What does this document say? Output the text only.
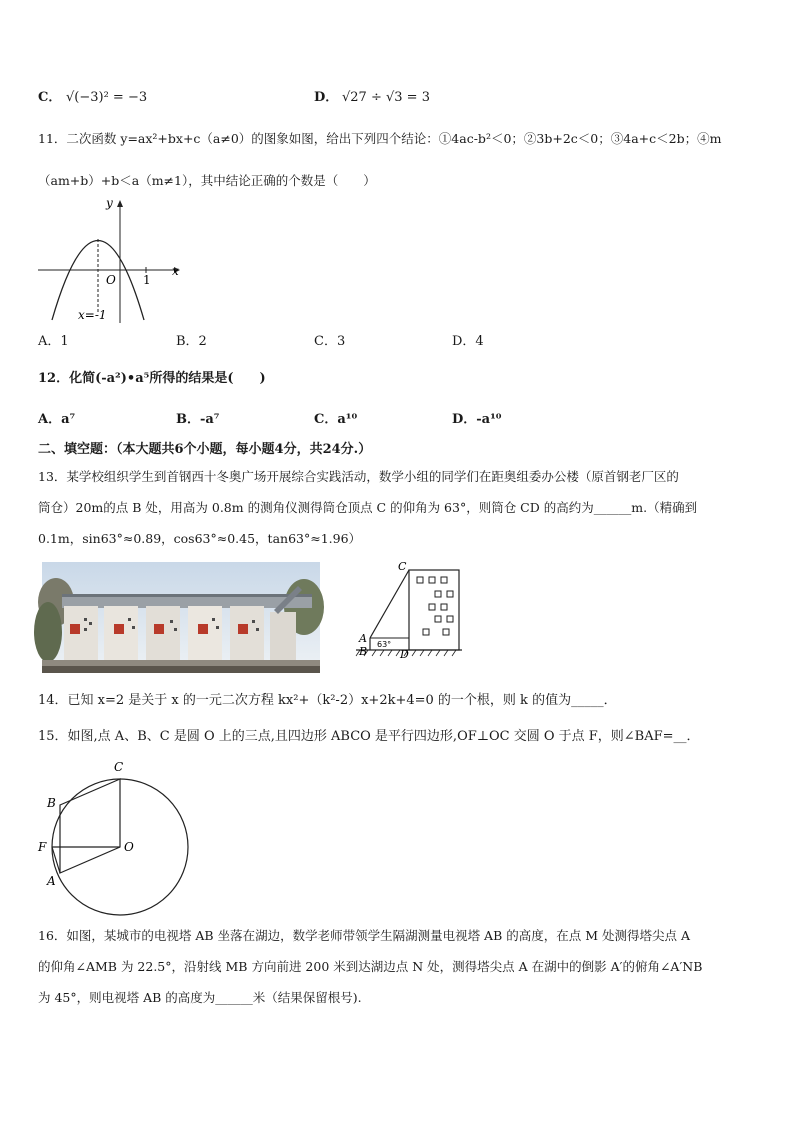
C． √(−3)² = −3	D． √27 ÷ √3 = 3
11．二次函数 y=ax²+bx+c（a≠0）的图象如图，给出下列四个结论：①4ac-b²＜0；②3b+2c＜0；③4a+c＜2b；④m
（am+b）+b＜a（m≠1），其中结论正确的个数是（　　）
y
x
O 1
x=-1
A．1	B．2	C．3	D．4
12．化简(-a²)•a⁵所得的结果是(　　)
A．a⁷	B．-a⁷	C．a¹⁰	D．-a¹⁰
二、填空题：（本大题共6个小题，每小题4分，共24分.）
13．某学校组织学生到首钢西十冬奥广场开展综合实践活动，数学小组的同学们在距奥组委办公楼（原首钢老厂区的
筒仓）20m的点 B 处，用高为 0.8m 的测角仪测得筒仓顶点 C 的仰角为 63°，则筒仓 CD 的高约为______m.（精确到
0.1m，sin63°≈0.89，cos63°≈0.45，tan63°≈1.96）
C
A
B	D
63°
14．已知 x=2 是关于 x 的一元二次方程 kx²+（k²-2）x+2k+4=0 的一个根，则 k 的值为_____．
15．如图,点 A、B、C 是圆 O 上的三点,且四边形 ABCO 是平行四边形,OF⊥OC 交圆 O 于点 F，则∠BAF=__．
C
B
F	O
A
16．如图，某城市的电视塔 AB 坐落在湖边，数学老师带领学生隔湖测量电视塔 AB 的高度，在点 M 处测得塔尖点 A
的仰角∠AMB 为 22.5°，沿射线 MB 方向前进 200 米到达湖边点 N 处，测得塔尖点 A 在湖中的倒影 A′的俯角∠A′NB
为 45°，则电视塔 AB 的高度为______米（结果保留根号).
